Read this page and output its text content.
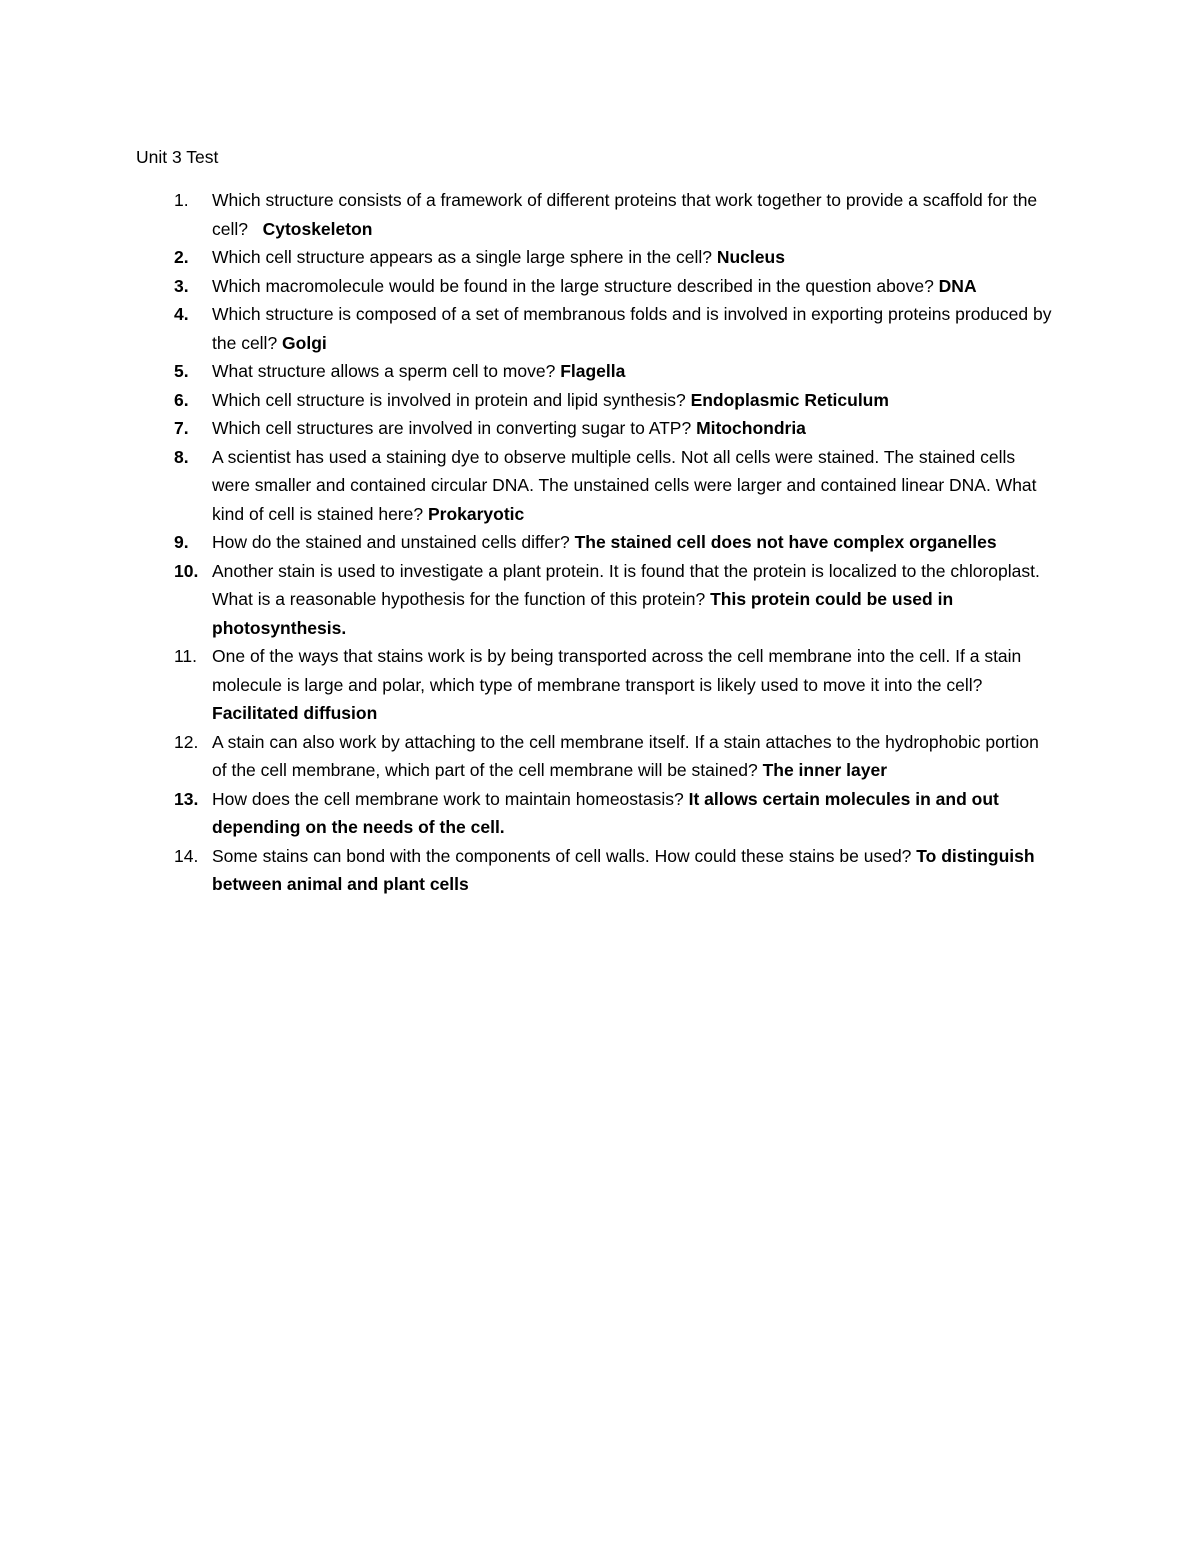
Unit 3 Test
1.	Which structure consists of a framework of different proteins that work together to provide a scaffold for the cell?   Cytoskeleton
2.	Which cell structure appears as a single large sphere in the cell? Nucleus
3.	Which macromolecule would be found in the large structure described in the question above? DNA
4.	Which structure is composed of a set of membranous folds and is involved in exporting proteins produced by the cell? Golgi
5.	What structure allows a sperm cell to move? Flagella
6.	Which cell structure is involved in protein and lipid synthesis? Endoplasmic Reticulum
7.	Which cell structures are involved in converting sugar to ATP? Mitochondria
8.	A scientist has used a staining dye to observe multiple cells. Not all cells were stained. The stained cells were smaller and contained circular DNA. The unstained cells were larger and contained linear DNA. What kind of cell is stained here? Prokaryotic
9.	How do the stained and unstained cells differ? The stained cell does not have complex organelles
10. Another stain is used to investigate a plant protein. It is found that the protein is localized to the chloroplast. What is a reasonable hypothesis for the function of this protein? This protein could be used in photosynthesis.
11. One of the ways that stains work is by being transported across the cell membrane into the cell. If a stain molecule is large and polar, which type of membrane transport is likely used to move it into the cell? Facilitated diffusion
12. A stain can also work by attaching to the cell membrane itself. If a stain attaches to the hydrophobic portion of the cell membrane, which part of the cell membrane will be stained? The inner layer
13. How does the cell membrane work to maintain homeostasis? It allows certain molecules in and out depending on the needs of the cell.
14. Some stains can bond with the components of cell walls. How could these stains be used? To distinguish between animal and plant cells
